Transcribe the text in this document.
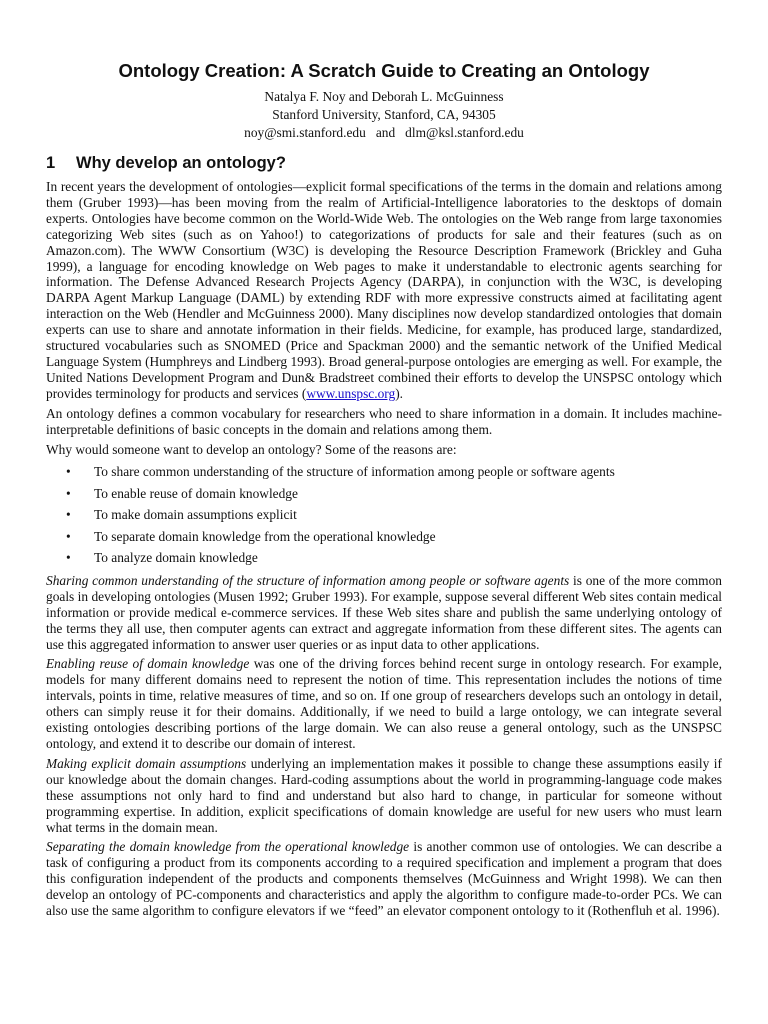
Ontology Creation: A Scratch Guide to Creating an Ontology
Natalya F. Noy and Deborah L. McGuinness
Stanford University, Stanford, CA, 94305
noy@smi.stanford.edu and dlm@ksl.stanford.edu
1 Why develop an ontology?

In recent years the development of ontologies—explicit formal specifications of the terms in the domain and relations among them (Gruber 1993)—has been moving from the realm of Artificial-Intelligence laboratories to the desktops of domain experts. Ontologies have become common on the World-Wide Web. The ontologies on the Web range from large taxonomies categorizing Web sites (such as on Yahoo!) to categorizations of products for sale and their features (such as on Amazon.com). The WWW Consortium (W3C) is developing the Resource Description Framework (Brickley and Guha 1999), a language for encoding knowledge on Web pages to make it understandable to electronic agents searching for information. The Defense Advanced Research Projects Agency (DARPA), in conjunction with the W3C, is developing DARPA Agent Markup Language (DAML) by extending RDF with more expressive constructs aimed at facilitating agent interaction on the Web (Hendler and McGuinness 2000). Many disciplines now develop standardized ontologies that domain experts can use to share and annotate information in their fields. Medicine, for example, has produced large, standardized, structured vocabularies such as SNOMED (Price and Spackman 2000) and the semantic network of the Unified Medical Language System (Humphreys and Lindberg 1993). Broad general-purpose ontologies are emerging as well. For example, the United Nations Development Program and Dun& Bradstreet combined their efforts to develop the UNSPSC ontology which provides terminology for products and services (www.unspsc.org).

An ontology defines a common vocabulary for researchers who need to share information in a domain. It includes machine-interpretable definitions of basic concepts in the domain and relations among them.

Why would someone want to develop an ontology? Some of the reasons are:

• To share common understanding of the structure of information among people or software agents
• To enable reuse of domain knowledge
• To make domain assumptions explicit
• To separate domain knowledge from the operational knowledge
• To analyze domain knowledge

Sharing common understanding of the structure of information among people or software agents is one of the more common goals in developing ontologies (Musen 1992; Gruber 1993). For example, suppose several different Web sites contain medical information or provide medical e-commerce services. If these Web sites share and publish the same underlying ontology of the terms they all use, then computer agents can extract and aggregate information from these different sites. The agents can use this aggregated information to answer user queries or as input data to other applications.

Enabling reuse of domain knowledge was one of the driving forces behind recent surge in ontology research. For example, models for many different domains need to represent the notion of time. This representation includes the notions of time intervals, points in time, relative measures of time, and so on. If one group of researchers develops such an ontology in detail, others can simply reuse it for their domains. Additionally, if we need to build a large ontology, we can integrate several existing ontologies describing portions of the large domain. We can also reuse a general ontology, such as the UNSPSC ontology, and extend it to describe our domain of interest.

Making explicit domain assumptions underlying an implementation makes it possible to change these assumptions easily if our knowledge about the domain changes. Hard-coding assumptions about the world in programming-language code makes these assumptions not only hard to find and understand but also hard to change, in particular for someone without programming expertise. In addition, explicit specifications of domain knowledge are useful for new users who must learn what terms in the domain mean.

Separating the domain knowledge from the operational knowledge is another common use of ontologies. We can describe a task of configuring a product from its components according to a required specification and implement a program that does this configuration independent of the products and components themselves (McGuinness and Wright 1998). We can then develop an ontology of PC-components and characteristics and apply the algorithm to configure made-to-order PCs. We can also use the same algorithm to configure elevators if we “feed” an elevator component ontology to it (Rothenfluh et al. 1996).
